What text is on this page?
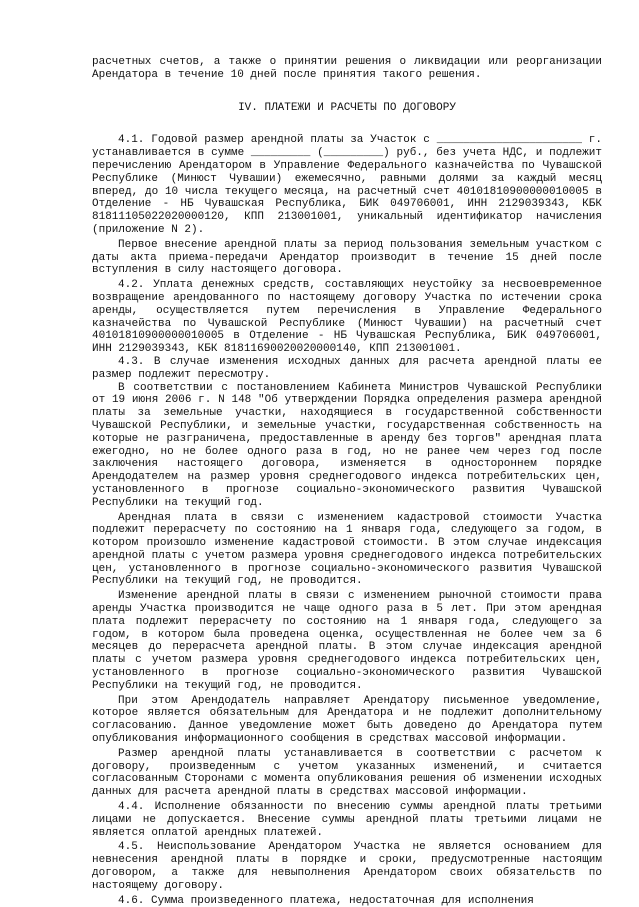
расчетных счетов, а также о принятии решения о ликвидации или реорганизации Арендатора в течение 10 дней после принятия такого решения.

IV. ПЛАТЕЖИ И РАСЧЕТЫ ПО ДОГОВОРУ

4.1. Годовой размер арендной платы за Участок с ______________________ г. устанавливается в сумме _________ (_________) руб., без учета НДС, и подлежит перечислению Арендатором в Управление Федерального казначейства по Чувашской Республике (Минюст Чувашии) ежемесячно, равными долями за каждый месяц вперед, до 10 числа текущего месяца, на расчетный счет 40101810900000010005 в Отделение - НБ Чувашская Республика, БИК 049706001, ИНН 2129039343, КБК 81811105022020000120, КПП 213001001, уникальный идентификатор начисления (приложение N 2).

Первое внесение арендной платы за период пользования земельным участком с даты акта приема-передачи Арендатор производит в течение 15 дней после вступления в силу настоящего договора.

4.2. Уплата денежных средств, составляющих неустойку за несвоевременное возвращение арендованного по настоящему договору Участка по истечении срока аренды, осуществляется путем перечисления в Управление Федерального казначейства по Чувашской Республике (Минюст Чувашии) на расчетный счет 40101810900000010005 в Отделение - НБ Чувашская Республика, БИК 049706001, ИНН 2129039343, КБК 81811690020020000140, КПП 213001001.

4.3. В случае изменения исходных данных для расчета арендной платы ее размер подлежит пересмотру.

В соответствии с постановлением Кабинета Министров Чувашской Республики от 19 июня 2006 г. N 148 "Об утверждении Порядка определения размера арендной платы за земельные участки, находящиеся в государственной собственности Чувашской Республики, и земельные участки, государственная собственность на которые не разграничена, предоставленные в аренду без торгов" арендная плата ежегодно, но не более одного раза в год, но не ранее чем через год после заключения настоящего договора, изменяется в одностороннем порядке Арендодателем на размер уровня среднегодового индекса потребительских цен, установленного в прогнозе социально-экономического развития Чувашской Республики на текущий год.

Арендная плата в связи с изменением кадастровой стоимости Участка подлежит перерасчету по состоянию на 1 января года, следующего за годом, в котором произошло изменение кадастровой стоимости. В этом случае индексация арендной платы с учетом размера уровня среднегодового индекса потребительских цен, установленного в прогнозе социально-экономического развития Чувашской Республики на текущий год, не проводится.

Изменение арендной платы в связи с изменением рыночной стоимости права аренды Участка производится не чаще одного раза в 5 лет. При этом арендная плата подлежит перерасчету по состоянию на 1 января года, следующего за годом, в котором была проведена оценка, осуществленная не более чем за 6 месяцев до перерасчета арендной платы. В этом случае индексация арендной платы с учетом размера уровня среднегодового индекса потребительских цен, установленного в прогнозе социально-экономического развития Чувашской Республики на текущий год, не проводится.

При этом Арендодатель направляет Арендатору письменное уведомление, которое является обязательным для Арендатора и не подлежит дополнительному согласованию. Данное уведомление может быть доведено до Арендатора путем опубликования информационного сообщения в средствах массовой информации.

Размер арендной платы устанавливается в соответствии с расчетом к договору, произведенным с учетом указанных изменений, и считается согласованным Сторонами с момента опубликования решения об изменении исходных данных для расчета арендной платы в средствах массовой информации.

4.4. Исполнение обязанности по внесению суммы арендной платы третьими лицами не допускается. Внесение суммы арендной платы третьими лицами не является оплатой арендных платежей.

4.5. Неиспользование Арендатором Участка не является основанием для невнесения арендной платы в порядке и сроки, предусмотренные настоящим договором, а также для невыполнения Арендатором своих обязательств по настоящему договору.

4.6. Сумма произведенного платежа, недостаточная для исполнения
